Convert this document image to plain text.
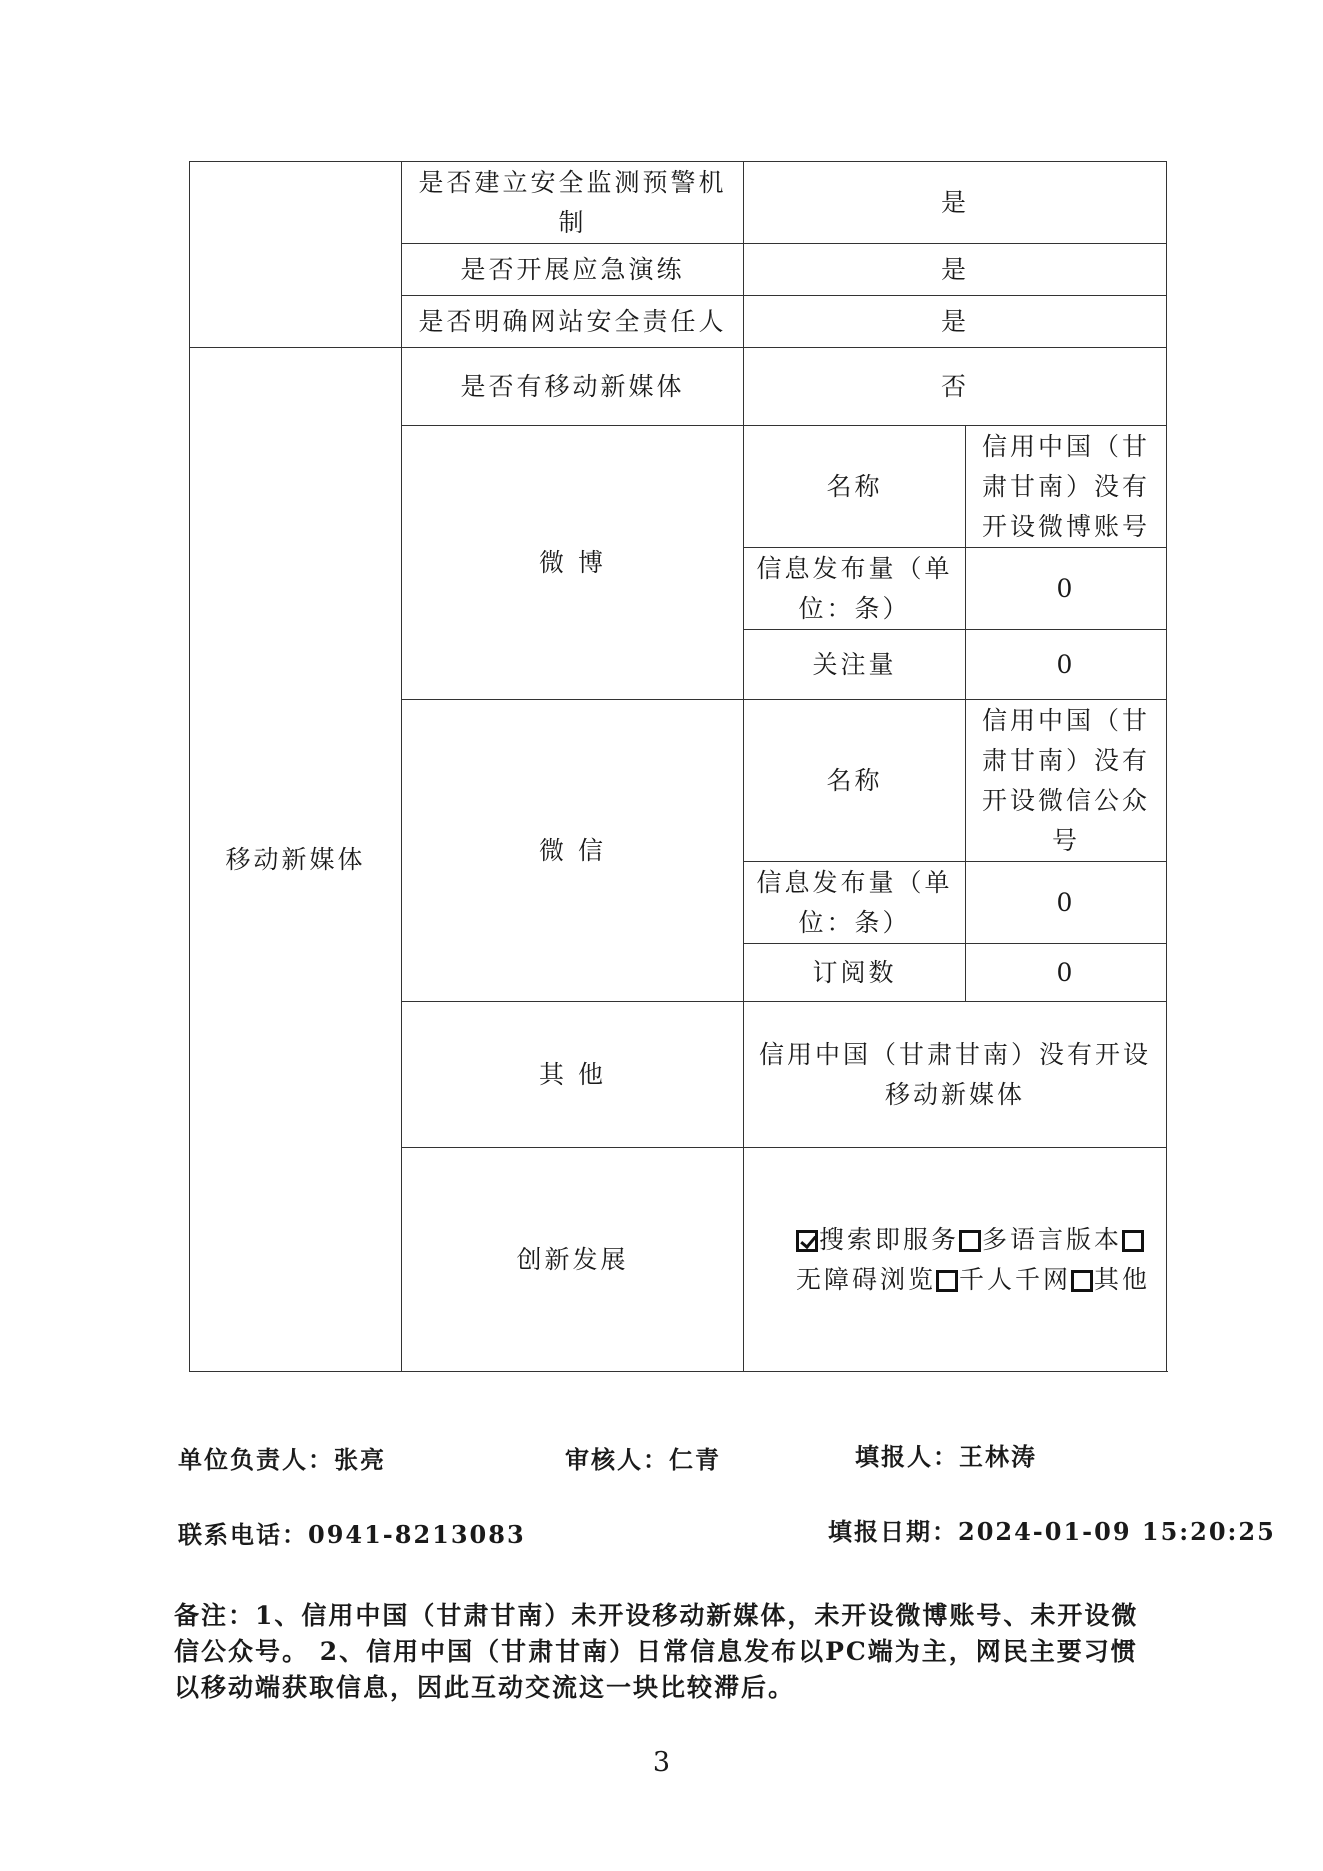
	是否建立安全监测预警机制	是	
	是否开展应急演练	是	
	是否明确网站安全责任人	是	
移动新媒体	是否有移动新媒体	否	
	微 博	名称	信用中国（甘肃甘南）没有开设微博账号
		信息发布量（单位：条）	0
		关注量	0
	微 信	名称	信用中国（甘肃甘南）没有开设微信公众号
		信息发布量（单位：条）	0
		订阅数	0
	其 他	信用中国（甘肃甘南）没有开设移动新媒体	
	创新发展	搜索即服务 多语言版本无障碍浏览 千人千网 其他	
单位负责人：张亮	审核人：仁青	填报人：王林涛
联系电话：0941-8213083	填报日期：2024-01-09 15:20:25
备注：1、信用中国（甘肃甘南）未开设移动新媒体，未开设微博账号、未开设微信公众号。 2、信用中国（甘肃甘南）日常信息发布以PC端为主，网民主要习惯以移动端获取信息，因此互动交流这一块比较滞后。
3
